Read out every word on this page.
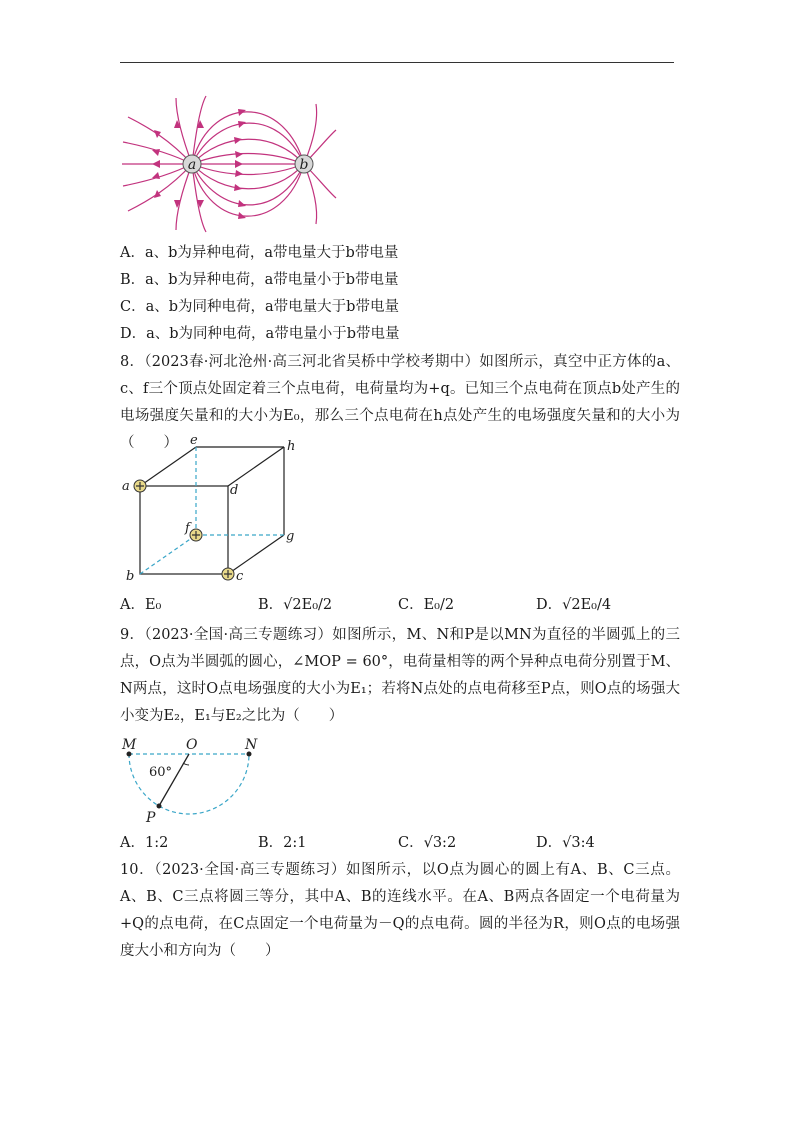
a	b
A．a、b为异种电荷，a带电量大于b带电量
B．a、b为异种电荷，a带电量小于b带电量
C．a、b为同种电荷，a带电量大于b带电量
D．a、b为同种电荷，a带电量小于b带电量
8．（2023春·河北沧州·高三河北省吴桥中学校考期中）如图所示，真空中正方体的a、c、f三个顶点处固定着三个点电荷，电荷量均为+q。已知三个点电荷在顶点b处产生的电场强度矢量和的大小为E₀，那么三个点电荷在h点处产生的电场强度矢量和的大小为（　　）
a
b	c
d
e
f
g
h
A．E₀	B．√2E₀/2	C．E₀/2	D．√2E₀/4
9．（2023·全国·高三专题练习）如图所示，M、N和P是以MN为直径的半圆弧上的三点，O点为半圆弧的圆心，∠MOP = 60°，电荷量相等的两个异种点电荷分别置于M、N两点，这时O点电场强度的大小为E₁；若将N点处的点电荷移至P点，则O点的场强大小变为E₂，E₁与E₂之比为（　　）
M	O	N
P
60°
A．1:2	B．2:1	C．√3:2	D．√3:4
10．（2023·全国·高三专题练习）如图所示，以O点为圆心的圆上有A、B、C三点。A、B、C三点将圆三等分，其中A、B的连线水平。在A、B两点各固定一个电荷量为+Q的点电荷，在C点固定一个电荷量为－Q的点电荷。圆的半径为R，则O点的电场强度大小和方向为（　　）
